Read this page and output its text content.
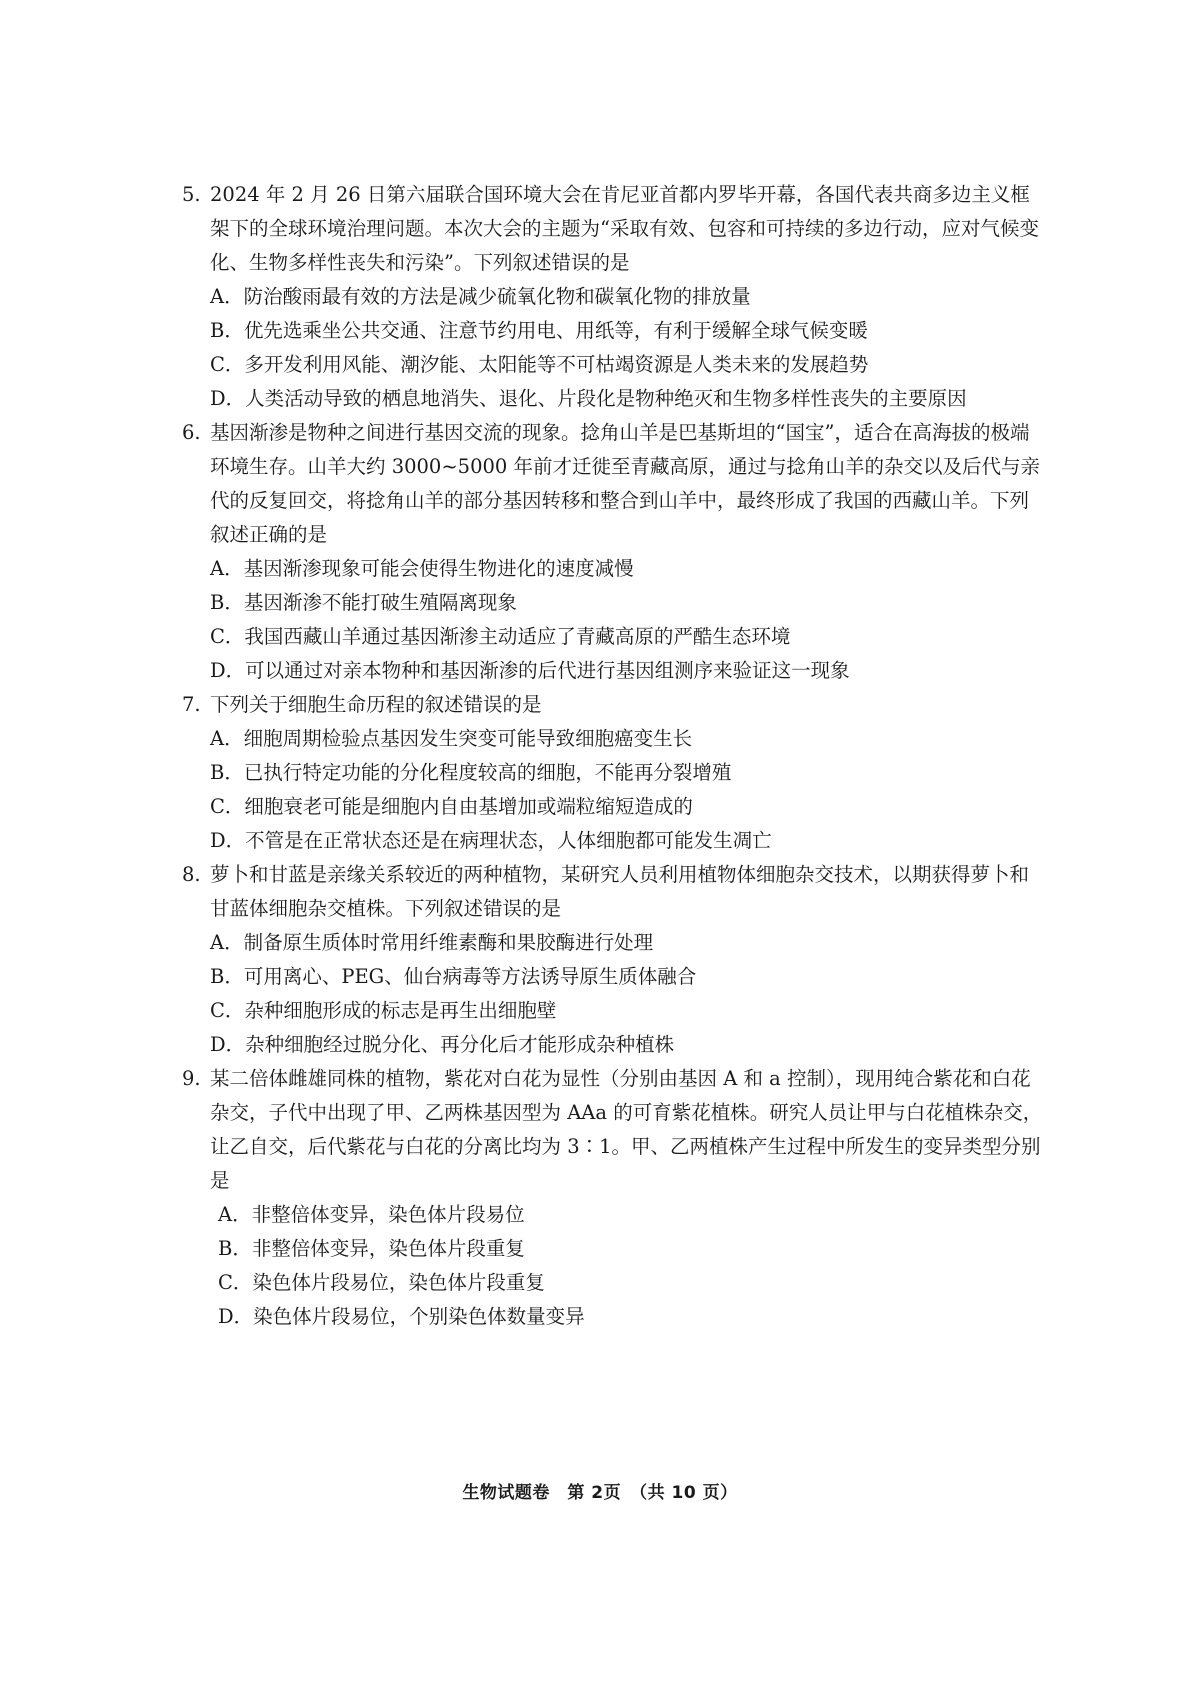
5. 2024 年 2 月 26 日第六届联合国环境大会在肯尼亚首都内罗毕开幕，各国代表共商多边主义框架下的全球环境治理问题。本次大会的主题为“采取有效、包容和可持续的多边行动，应对气候变化、生物多样性丧失和污染”。下列叙述错误的是
A．防治酸雨最有效的方法是减少硫氧化物和碳氧化物的排放量
B．优先选乘坐公共交通、注意节约用电、用纸等，有利于缓解全球气候变暖
C．多开发利用风能、潮汐能、太阳能等不可枯竭资源是人类未来的发展趋势
D．人类活动导致的栖息地消失、退化、片段化是物种绝灭和生物多样性丧失的主要原因
6. 基因渐渗是物种之间进行基因交流的现象。捻角山羊是巴基斯坦的“国宝”，适合在高海拔的极端环境生存。山羊大约 3000~5000 年前才迁徙至青藏高原，通过与捻角山羊的杂交以及后代与亲代的反复回交，将捻角山羊的部分基因转移和整合到山羊中，最终形成了我国的西藏山羊。下列叙述正确的是
A．基因渐渗现象可能会使得生物进化的速度减慢
B．基因渐渗不能打破生殖隔离现象
C．我国西藏山羊通过基因渐渗主动适应了青藏高原的严酷生态环境
D．可以通过对亲本物种和基因渐渗的后代进行基因组测序来验证这一现象
7. 下列关于细胞生命历程的叙述错误的是
A．细胞周期检验点基因发生突变可能导致细胞癌变生长
B．已执行特定功能的分化程度较高的细胞，不能再分裂增殖
C．细胞衰老可能是细胞内自由基增加或端粒缩短造成的
D．不管是在正常状态还是在病理状态，人体细胞都可能发生凋亡
8. 萝卜和甘蓝是亲缘关系较近的两种植物，某研究人员利用植物体细胞杂交技术，以期获得萝卜和甘蓝体细胞杂交植株。下列叙述错误的是
A．制备原生质体时常用纤维素酶和果胶酶进行处理
B．可用离心、PEG、仙台病毒等方法诱导原生质体融合
C．杂种细胞形成的标志是再生出细胞壁
D．杂种细胞经过脱分化、再分化后才能形成杂种植株
9. 某二倍体雌雄同株的植物，紫花对白花为显性（分别由基因 A 和 a 控制），现用纯合紫花和白花杂交，子代中出现了甲、乙两株基因型为 AAa 的可育紫花植株。研究人员让甲与白花植株杂交，让乙自交，后代紫花与白花的分离比均为 3∶1。甲、乙两植株产生过程中所发生的变异类型分别是
A．非整倍体变异，染色体片段易位
B．非整倍体变异，染色体片段重复
C．染色体片段易位，染色体片段重复
D．染色体片段易位，个别染色体数量变异
生物试题卷　第 2页　（共 10 页）
